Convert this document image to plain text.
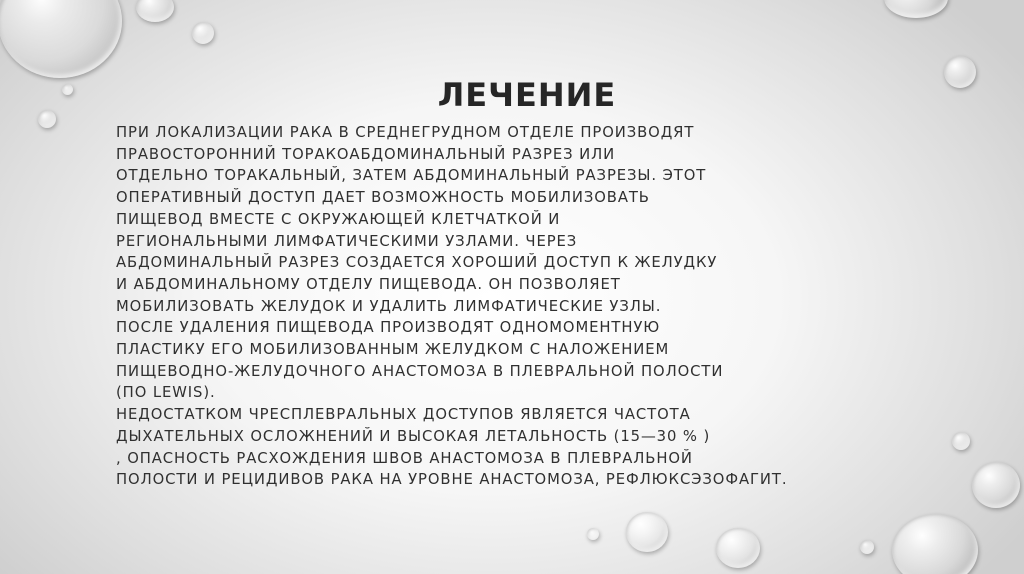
ЛЕЧЕНИЕ

ПРИ ЛОКАЛИЗАЦИИ РАКА В СРЕДНЕГРУДНОМ ОТДЕЛЕ ПРОИЗВОДЯТ
ПРАВОСТОРОННИЙ ТОРАКОАБДОМИНАЛЬНЫЙ РАЗРЕЗ ИЛИ
ОТДЕЛЬНО ТОРАКАЛЬНЫЙ, ЗАТЕМ АБДОМИНАЛЬНЫЙ РАЗРЕЗЫ. ЭТОТ
ОПЕРАТИВНЫЙ ДОСТУП ДАЕТ ВОЗМОЖНОСТЬ МОБИЛИЗОВАТЬ
ПИЩЕВОД ВМЕСТЕ С ОКРУЖАЮЩЕЙ КЛЕТЧАТКОЙ И
РЕГИОНАЛЬНЫМИ ЛИМФАТИЧЕСКИМИ УЗЛАМИ. ЧЕРЕЗ
АБДОМИНАЛЬНЫЙ РАЗРЕЗ СОЗДАЕТСЯ ХОРОШИЙ ДОСТУП К ЖЕЛУДКУ
И АБДОМИНАЛЬНОМУ ОТДЕЛУ ПИЩЕВОДА. ОН ПОЗВОЛЯЕТ
МОБИЛИЗОВАТЬ ЖЕЛУДОК И УДАЛИТЬ ЛИМФАТИЧЕСКИЕ УЗЛЫ.
ПОСЛЕ УДАЛЕНИЯ ПИЩЕВОДА ПРОИЗВОДЯТ ОДНОМОМЕНТНУЮ
ПЛАСТИКУ ЕГО МОБИЛИЗОВАННЫМ ЖЕЛУДКОМ С НАЛОЖЕНИЕМ
ПИЩЕВОДНО-ЖЕЛУДОЧНОГО АНАСТОМОЗА В ПЛЕВРАЛЬНОЙ ПОЛОСТИ
(ПО LEWIS).
НЕДОСТАТКОМ ЧРЕСПЛЕВРАЛЬНЫХ ДОСТУПОВ ЯВЛЯЕТСЯ ЧАСТОТА
ДЫХАТЕЛЬНЫХ ОСЛОЖНЕНИЙ И ВЫСОКАЯ ЛЕТАЛЬНОСТЬ (15—30 % )
, ОПАСНОСТЬ РАСХОЖДЕНИЯ ШВОВ АНАСТОМОЗА В ПЛЕВРАЛЬНОЙ
ПОЛОСТИ И РЕЦИДИВОВ РАКА НА УРОВНЕ АНАСТОМОЗА, РЕФЛЮКСЭЗОФАГИТ.
